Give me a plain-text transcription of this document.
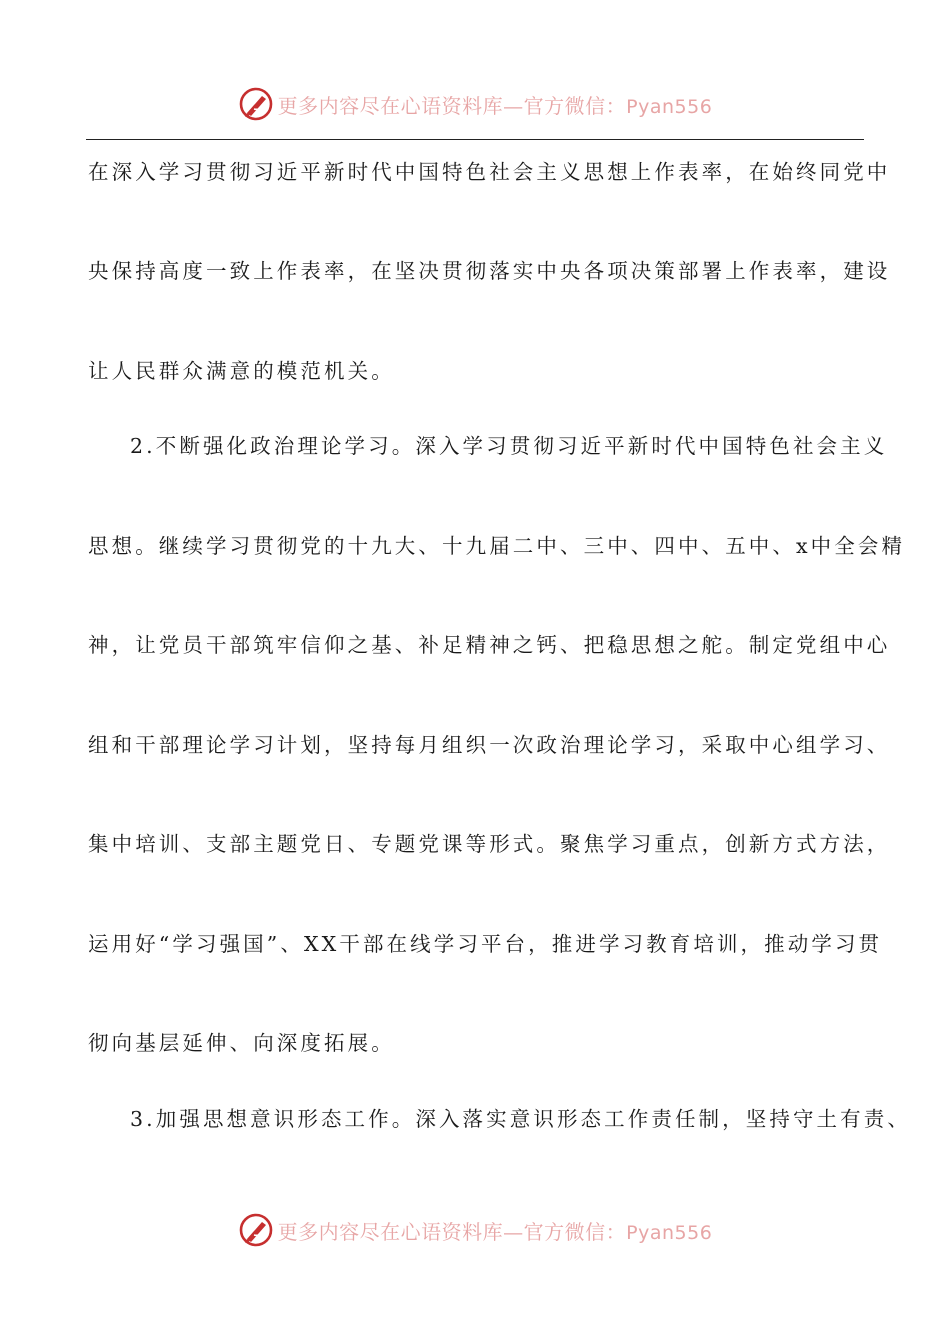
更多内容尽在心语资料库—官方微信：Pyan556
在深入学习贯彻习近平新时代中国特色社会主义思想上作表率，在始终同党中
央保持高度一致上作表率，在坚决贯彻落实中央各项决策部署上作表率，建设
让人民群众满意的模范机关。
2.不断强化政治理论学习。深入学习贯彻习近平新时代中国特色社会主义
思想。继续学习贯彻党的十九大、十九届二中、三中、四中、五中、x中全会精
神，让党员干部筑牢信仰之基、补足精神之钙、把稳思想之舵。制定党组中心
组和干部理论学习计划，坚持每月组织一次政治理论学习，采取中心组学习、
集中培训、支部主题党日、专题党课等形式。聚焦学习重点，创新方式方法，
运用好“学习强国”、XX干部在线学习平台，推进学习教育培训，推动学习贯
彻向基层延伸、向深度拓展。
3.加强思想意识形态工作。深入落实意识形态工作责任制，坚持守土有责、
更多内容尽在心语资料库—官方微信：Pyan556
